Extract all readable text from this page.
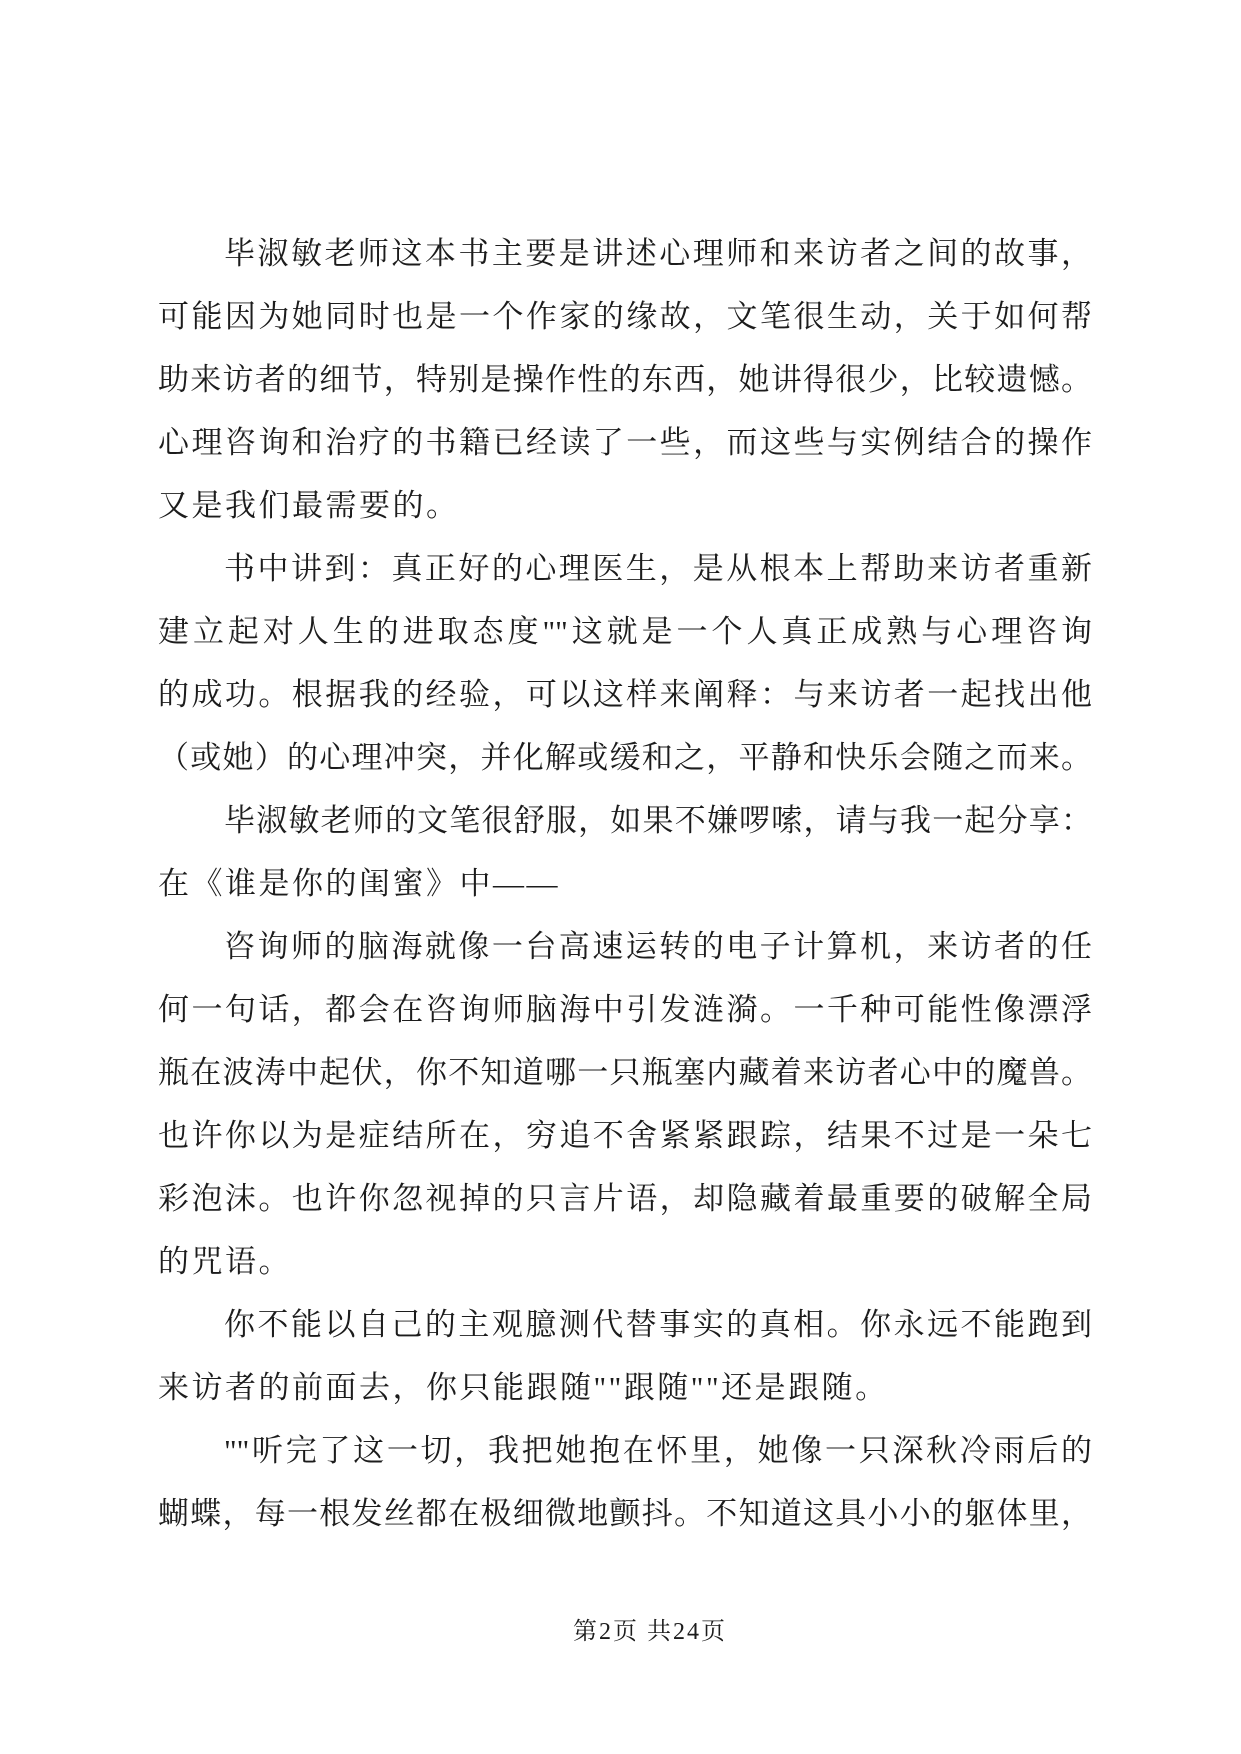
毕淑敏老师这本书主要是讲述心理师和来访者之间的故事，
可能因为她同时也是一个作家的缘故，文笔很生动，关于如何帮
助来访者的细节，特别是操作性的东西，她讲得很少，比较遗憾。
心理咨询和治疗的书籍已经读了一些，而这些与实例结合的操作
又是我们最需要的。
书中讲到：真正好的心理医生，是从根本上帮助来访者重新
建立起对人生的进取态度""这就是一个人真正成熟与心理咨询
的成功。根据我的经验，可以这样来阐释：与来访者一起找出他
（或她）的心理冲突，并化解或缓和之，平静和快乐会随之而来。
毕淑敏老师的文笔很舒服，如果不嫌啰嗦，请与我一起分享：
在《谁是你的闺蜜》中——
咨询师的脑海就像一台高速运转的电子计算机，来访者的任
何一句话，都会在咨询师脑海中引发涟漪。一千种可能性像漂浮
瓶在波涛中起伏，你不知道哪一只瓶塞内藏着来访者心中的魔兽。
也许你以为是症结所在，穷追不舍紧紧跟踪，结果不过是一朵七
彩泡沫。也许你忽视掉的只言片语，却隐藏着最重要的破解全局
的咒语。
你不能以自己的主观臆测代替事实的真相。你永远不能跑到
来访者的前面去，你只能跟随""跟随""还是跟随。
""听完了这一切，我把她抱在怀里，她像一只深秋冷雨后的
蝴蝶，每一根发丝都在极细微地颤抖。不知道这具小小的躯体里，
第2页 共24页
